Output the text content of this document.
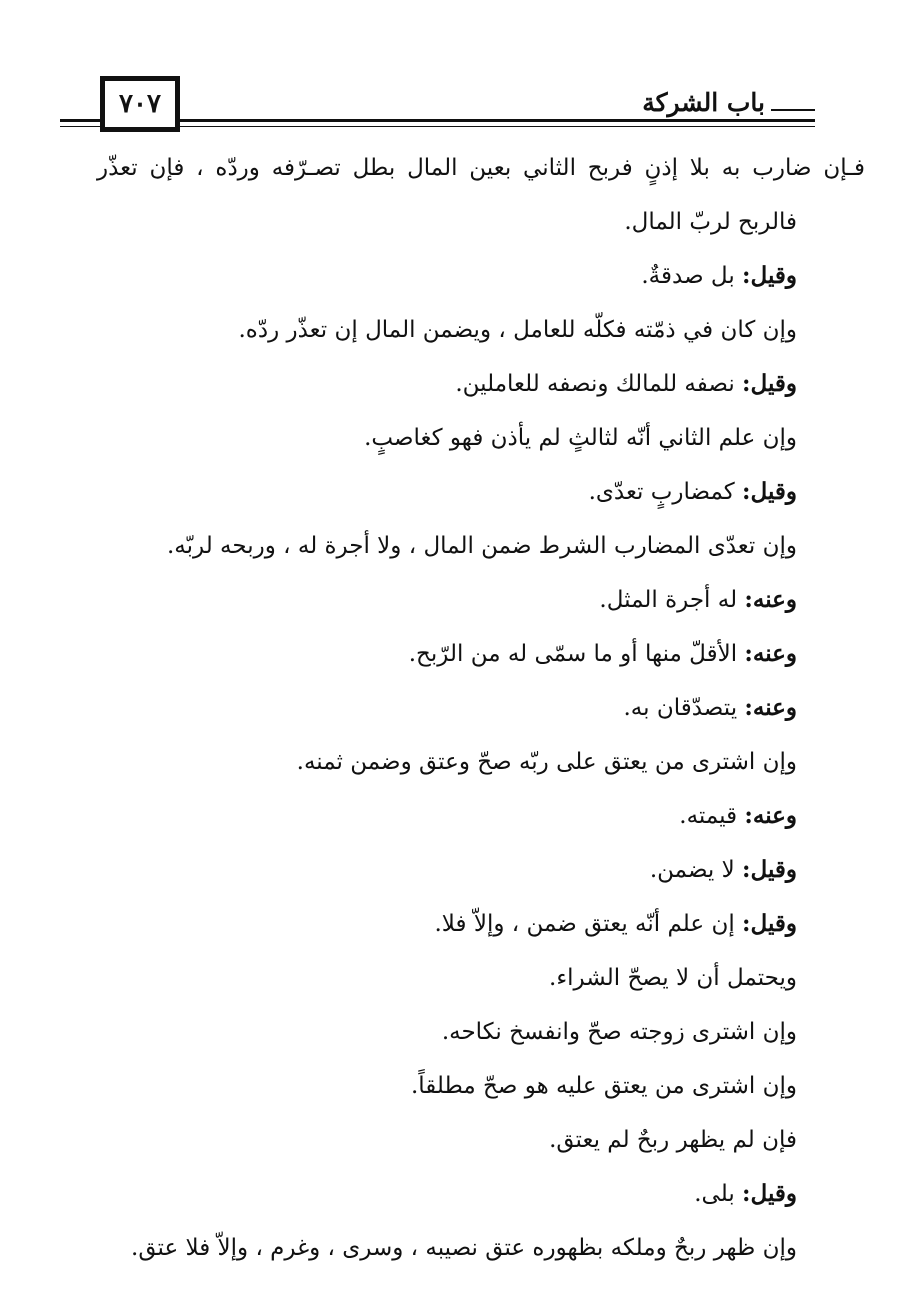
٧٠٧	باب الشركة
فـإن ضارب به بلا إذنٍ فربح الثاني بعين المال بطل تصـرّفه وردّه ، فإن تعذّر
فالربح لربّ المال.
وقيل: بل صدقةٌ.
وإن كان في ذمّته فكلّه للعامل ، ويضمن المال إن تعذّر ردّه.
وقيل: نصفه للمالك ونصفه للعاملين.
وإن علم الثاني أنّه لثالثٍ لم يأذن فهو كغاصبٍ.
وقيل: كمضاربٍ تعدّى.
وإن تعدّى المضارب الشرط ضمن المال ، ولا أجرة له ، وربحه لربّه.
وعنه: له أجرة المثل.
وعنه: الأقلّ منها أو ما سمّى له من الرّبح.
وعنه: يتصدّقان به.
وإن اشترى من يعتق على ربّه صحّ وعتق وضمن ثمنه.
وعنه: قيمته.
وقيل: لا يضمن.
وقيل: إن علم أنّه يعتق ضمن ، وإلاّ فلا.
ويحتمل أن لا يصحّ الشراء.
وإن اشترى زوجته صحّ وانفسخ نكاحه.
وإن اشترى من يعتق عليه هو صحّ مطلقاً.
فإن لم يظهر ربحٌ لم يعتق.
وقيل: بلى.
وإن ظهر ربحٌ وملكه بظهوره عتق نصيبه ، وسرى ، وغرم ، وإلاّ فلا عتق.
